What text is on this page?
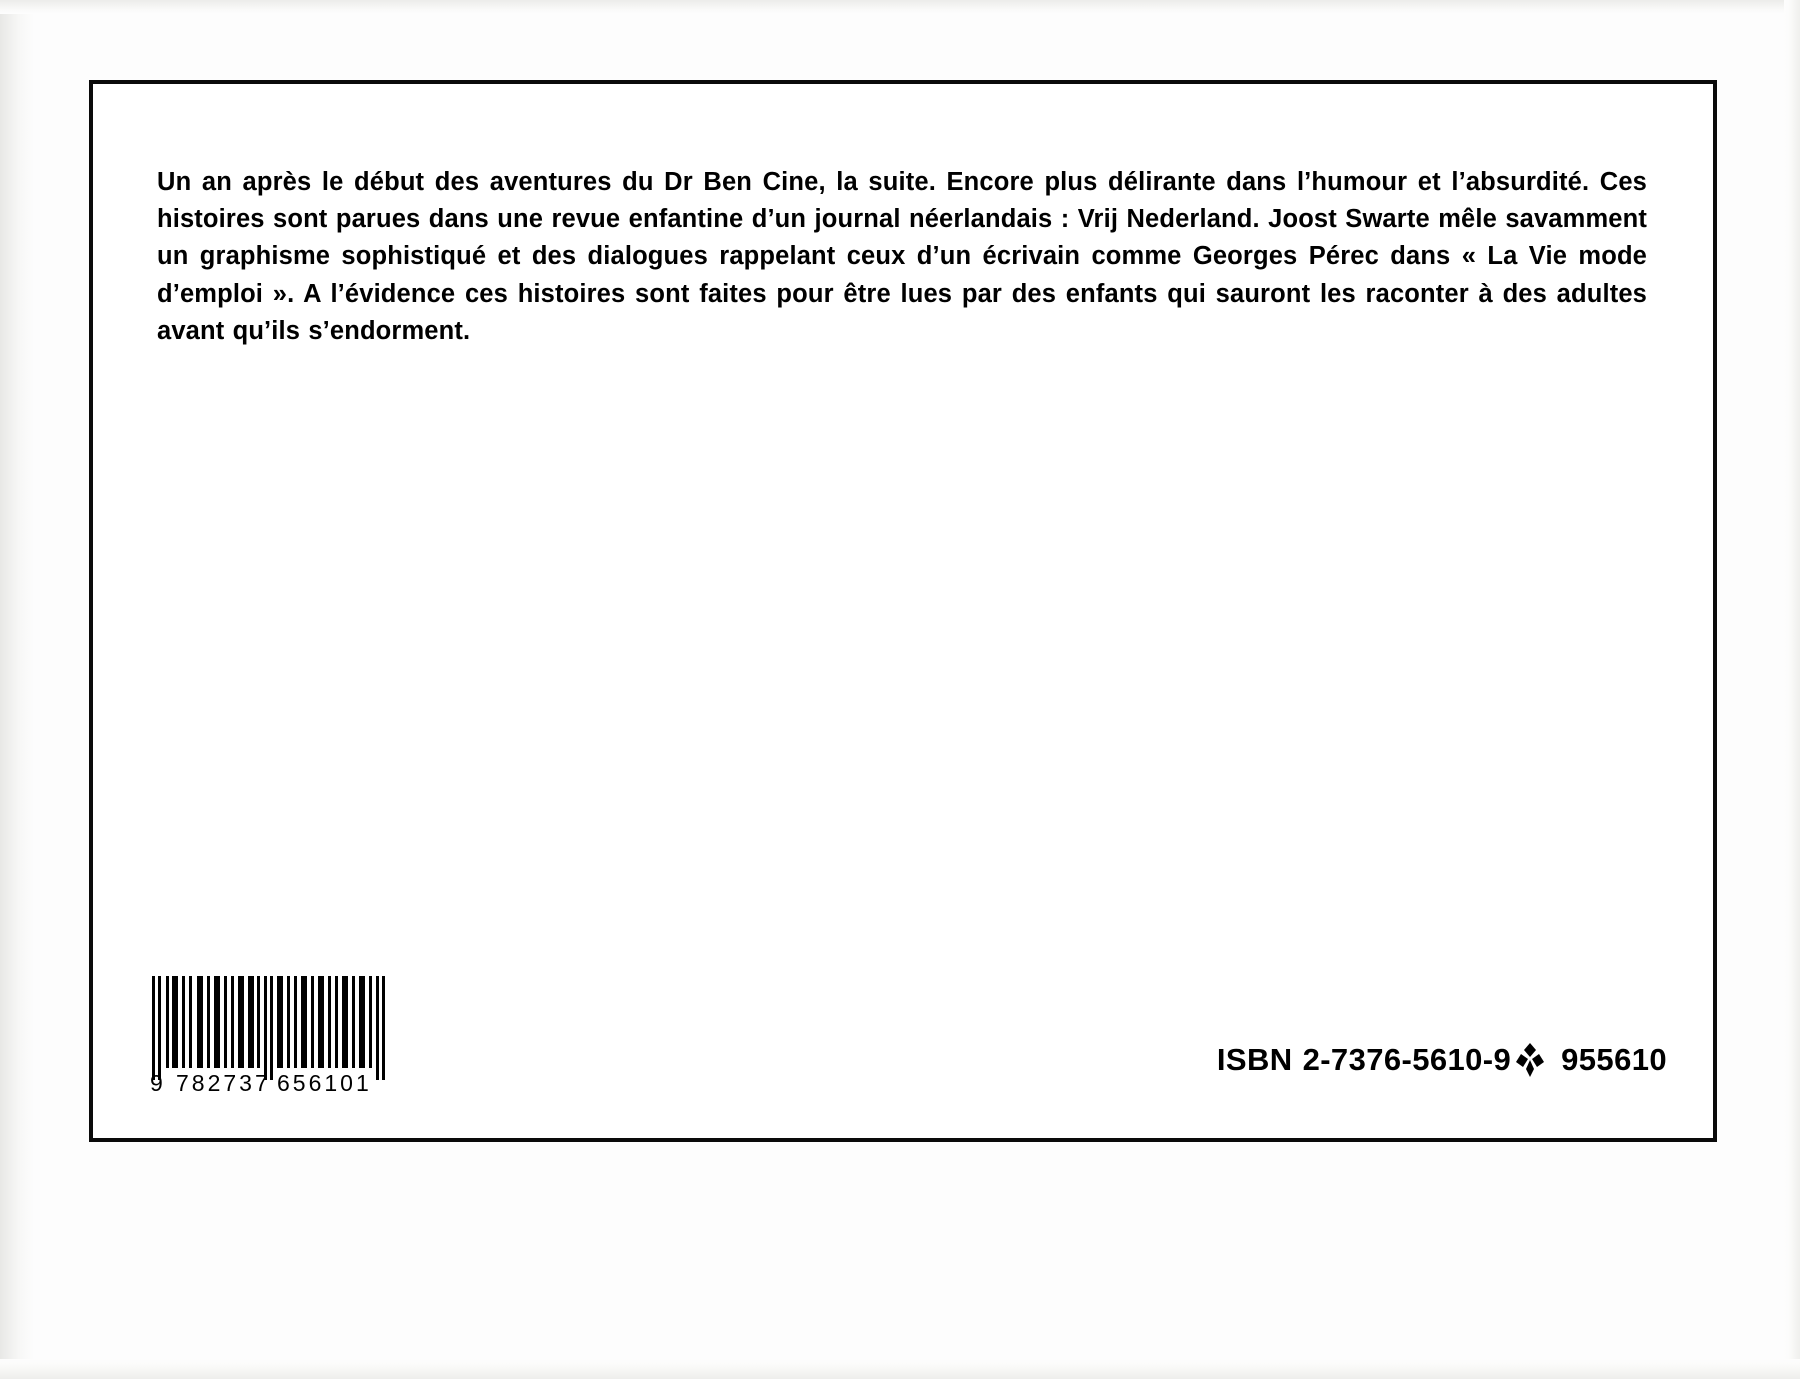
Un an après le début des aventures du Dr Ben Cine, la suite. Encore plus délirante dans l’humour et l’absurdité. Ces histoires sont parues dans une revue enfantine d’un journal néerlandais : Vrij Nederland. Joost Swarte mêle savamment un graphisme sophistiqué et des dialogues rappelant ceux d’un écrivain comme Georges Pérec dans « La Vie mode d’emploi ». A l’évidence ces histoires sont faites pour être lues par des enfants qui sauront les raconter à des adultes avant qu’ils s’endorment.

9 782737 656101
ISBN 2-7376-5610-9 955610
